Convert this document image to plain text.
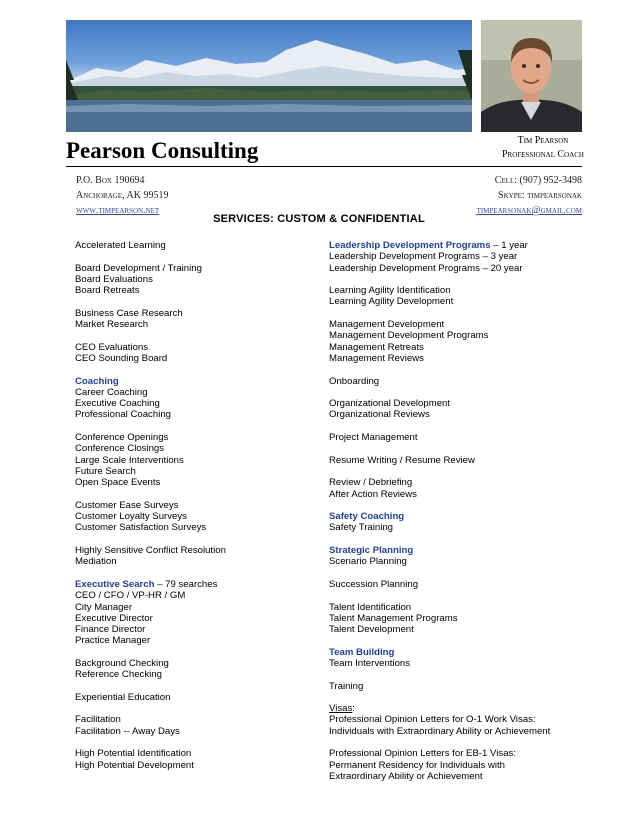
Pearson Consulting	Tim Pearson
Professional Coach
P.O. Box 190694
Anchorage, AK 99519
www.timpearson.net
Cell: (907) 952-3498
Skype: timpearsonak
timpearsonak@gmail.com
SERVICES: CUSTOM & CONFIDENTIAL
Accelerated Learning
Board Development / Training
Board Evaluations
Board Retreats
Business Case Research
Market Research
CEO Evaluations
CEO Sounding Board
Coaching
Career Coaching
Executive Coaching
Professional Coaching
Conference Openings
Conference Closings
Large Scale Interventions
Future Search
Open Space Events
Customer Ease Surveys
Customer Loyalty Surveys
Customer Satisfaction Surveys
Highly Sensitive Conflict Resolution
Mediation
Executive Search – 79 searches
CEO / CFO / VP-HR / GM
City Manager
Executive Director
Finance Director
Practice Manager
Background Checking
Reference Checking
Experiential Education
Facilitation
Facilitation -- Away Days
High Potential Identification
High Potential Development
Leadership Development Programs – 1 year
Leadership Development Programs – 3 year
Leadership Development Programs – 20 year
Learning Agility Identification
Learning Agility Development
Management Development
Management Development Programs
Management Retreats
Management Reviews
Onboarding
Organizational Development
Organizational Reviews
Project Management
Resume Writing / Resume Review
Review / Debriefing
After Action Reviews
Safety Coaching
Safety Training
Strategic Planning
Scenario Planning
Succession Planning
Talent Identification
Talent Management Programs
Talent Development
Team Building
Team Interventions
Training
Visas:
Professional Opinion Letters for O-1 Work Visas:
Individuals with Extraordinary Ability or Achievement
Professional Opinion Letters for EB-1 Visas:
Permanent Residency for Individuals with
Extraordinary Ability or Achievement
